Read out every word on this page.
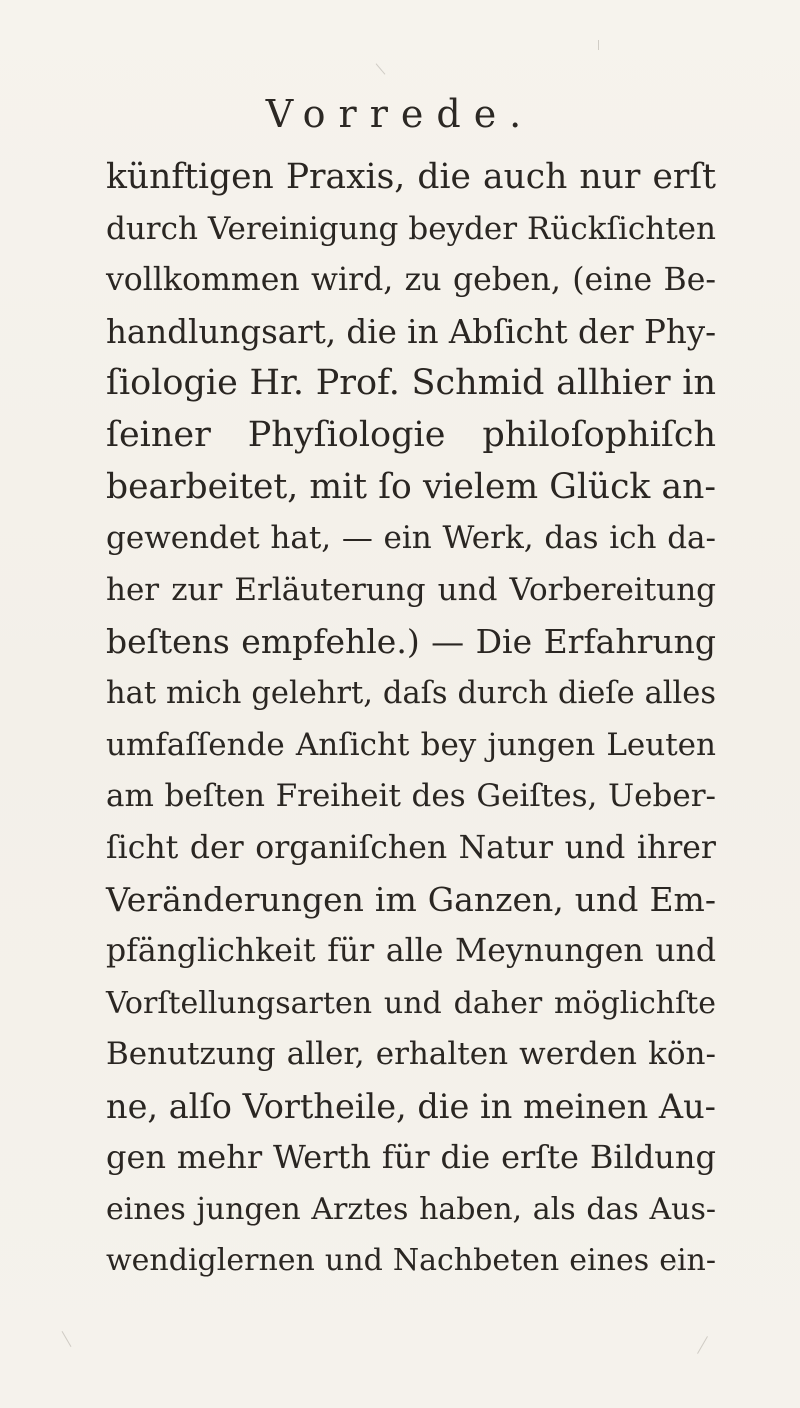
Vorrede.
künftigen Praxis, die auch nur erſt
durch Vereinigung beyder Rückſichten
vollkommen wird, zu geben, (eine Be-
handlungsart, die in Abſicht der Phy-
ſiologie Hr. Prof. Schmid allhier in
ſeiner Phyſiologie philoſophiſch
bearbeitet, mit ſo vielem Glück an-
gewendet hat, — ein Werk, das ich da-
her zur Erläuterung und Vorbereitung
beſtens empfehle.) — Die Erfahrung
hat mich gelehrt, daſs durch dieſe alles
umfaſſende Anſicht bey jungen Leuten
am beſten Freiheit des Geiſtes, Ueber-
ſicht der organiſchen Natur und ihrer
Veränderungen im Ganzen, und Em-
pfänglichkeit für alle Meynungen und
Vorſtellungsarten und daher möglichſte
Benutzung aller, erhalten werden kön-
ne, alſo Vortheile, die in meinen Au-
gen mehr Werth für die erſte Bildung
eines jungen Arztes haben, als das Aus-
wendiglernen und Nachbeten eines ein-
